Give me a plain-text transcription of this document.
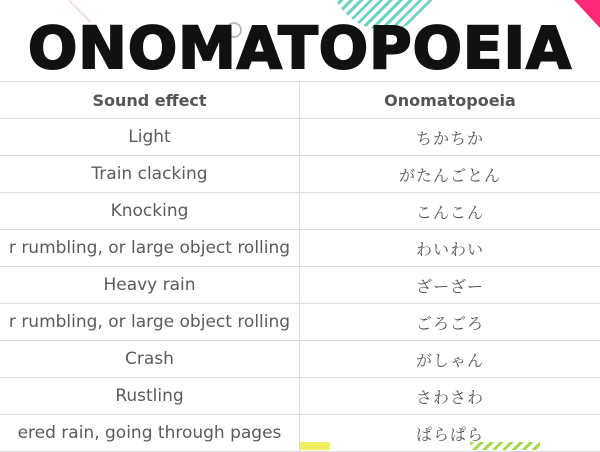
ONOMATOPOEIA
Sound effect	Onomatopoeia
Light	ちかちか
Train clacking	がたんごとん
Knocking	こんこん
r rumbling, or large object rolling	わいわい
Heavy rain	ざーざー
r rumbling, or large object rolling	ごろごろ
Crash	がしゃん
Rustling	さわさわ
ered rain, going through pages	ぱらぱら
